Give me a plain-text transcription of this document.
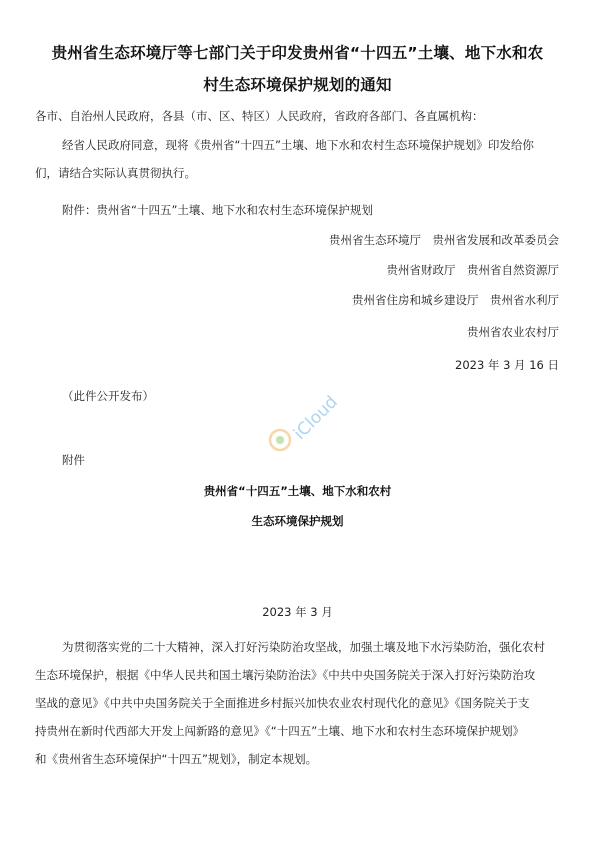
贵州省生态环境厅等七部门关于印发贵州省“十四五”土壤、地下水和农
村生态环境保护规划的通知
各市、自治州人民政府，各县（市、区、特区）人民政府，省政府各部门、各直属机构：
经省人民政府同意，现将《贵州省“十四五”土壤、地下水和农村生态环境保护规划》印发给你
们，请结合实际认真贯彻执行。
附件：贵州省“十四五”土壤、地下水和农村生态环境保护规划
贵州省生态环境厅　贵州省发展和改革委员会
贵州省财政厅　贵州省自然资源厅
贵州省住房和城乡建设厅　贵州省水利厅
贵州省农业农村厅
2023 年 3 月 16 日
（此件公开发布）	iCloud
附件
贵州省“十四五”土壤、地下水和农村
生态环境保护规划
2023 年 3 月
为贯彻落实党的二十大精神，深入打好污染防治攻坚战，加强土壤及地下水污染防治，强化农村
生态环境保护，根据《中华人民共和国土壤污染防治法》《中共中央国务院关于深入打好污染防治攻
坚战的意见》《中共中央国务院关于全面推进乡村振兴加快农业农村现代化的意见》《国务院关于支
持贵州在新时代西部大开发上闯新路的意见》《“十四五”土壤、地下水和农村生态环境保护规划》
和《贵州省生态环境保护“十四五”规划》，制定本规划。
